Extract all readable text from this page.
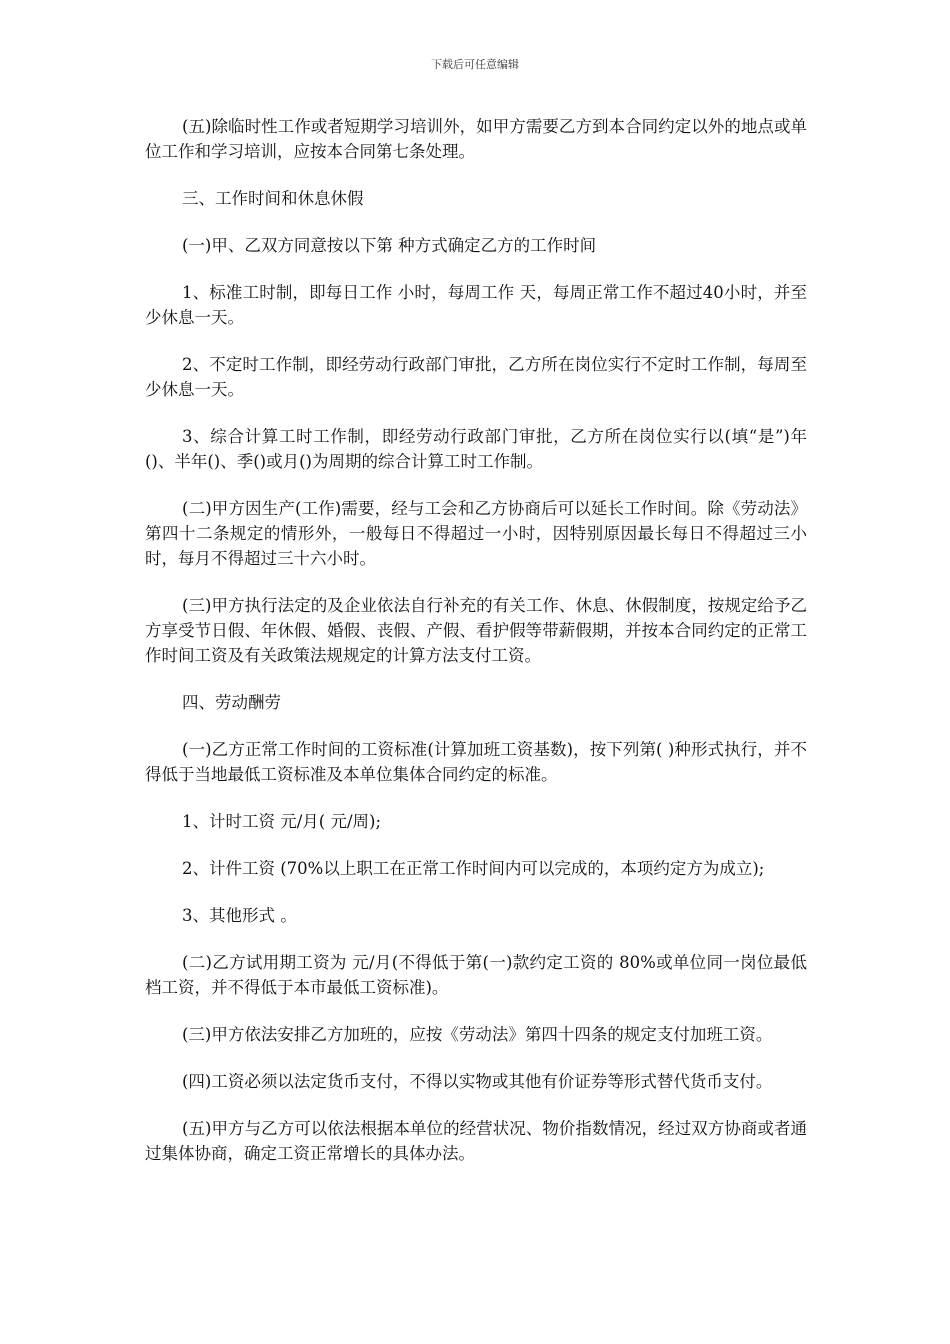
下载后可任意编辑

(五)除临时性工作或者短期学习培训外，如甲方需要乙方到本合同约定以外的地点或单位工作和学习培训，应按本合同第七条处理。

三、工作时间和休息休假

(一)甲、乙双方同意按以下第 种方式确定乙方的工作时间

1、标准工时制，即每日工作 小时，每周工作 天，每周正常工作不超过40小时，并至少休息一天。

2、不定时工作制，即经劳动行政部门审批，乙方所在岗位实行不定时工作制，每周至少休息一天。

3、综合计算工时工作制，即经劳动行政部门审批，乙方所在岗位实行以(填“是”)年()、半年()、季()或月()为周期的综合计算工时工作制。

(二)甲方因生产(工作)需要，经与工会和乙方协商后可以延长工作时间。除《劳动法》第四十二条规定的情形外，一般每日不得超过一小时，因特别原因最长每日不得超过三小时，每月不得超过三十六小时。

(三)甲方执行法定的及企业依法自行补充的有关工作、休息、休假制度，按规定给予乙方享受节日假、年休假、婚假、丧假、产假、看护假等带薪假期，并按本合同约定的正常工作时间工资及有关政策法规规定的计算方法支付工资。

四、劳动酬劳

(一)乙方正常工作时间的工资标准(计算加班工资基数)，按下列第( )种形式执行，并不得低于当地最低工资标准及本单位集体合同约定的标准。

1、计时工资 元/月( 元/周);

2、计件工资 (70%以上职工在正常工作时间内可以完成的，本项约定方为成立);

3、其他形式 。

(二)乙方试用期工资为 元/月(不得低于第(一)款约定工资的 80%或单位同一岗位最低档工资，并不得低于本市最低工资标准)。

(三)甲方依法安排乙方加班的，应按《劳动法》第四十四条的规定支付加班工资。

(四)工资必须以法定货币支付，不得以实物或其他有价证券等形式替代货币支付。

(五)甲方与乙方可以依法根据本单位的经营状况、物价指数情况，经过双方协商或者通过集体协商，确定工资正常增长的具体办法。
